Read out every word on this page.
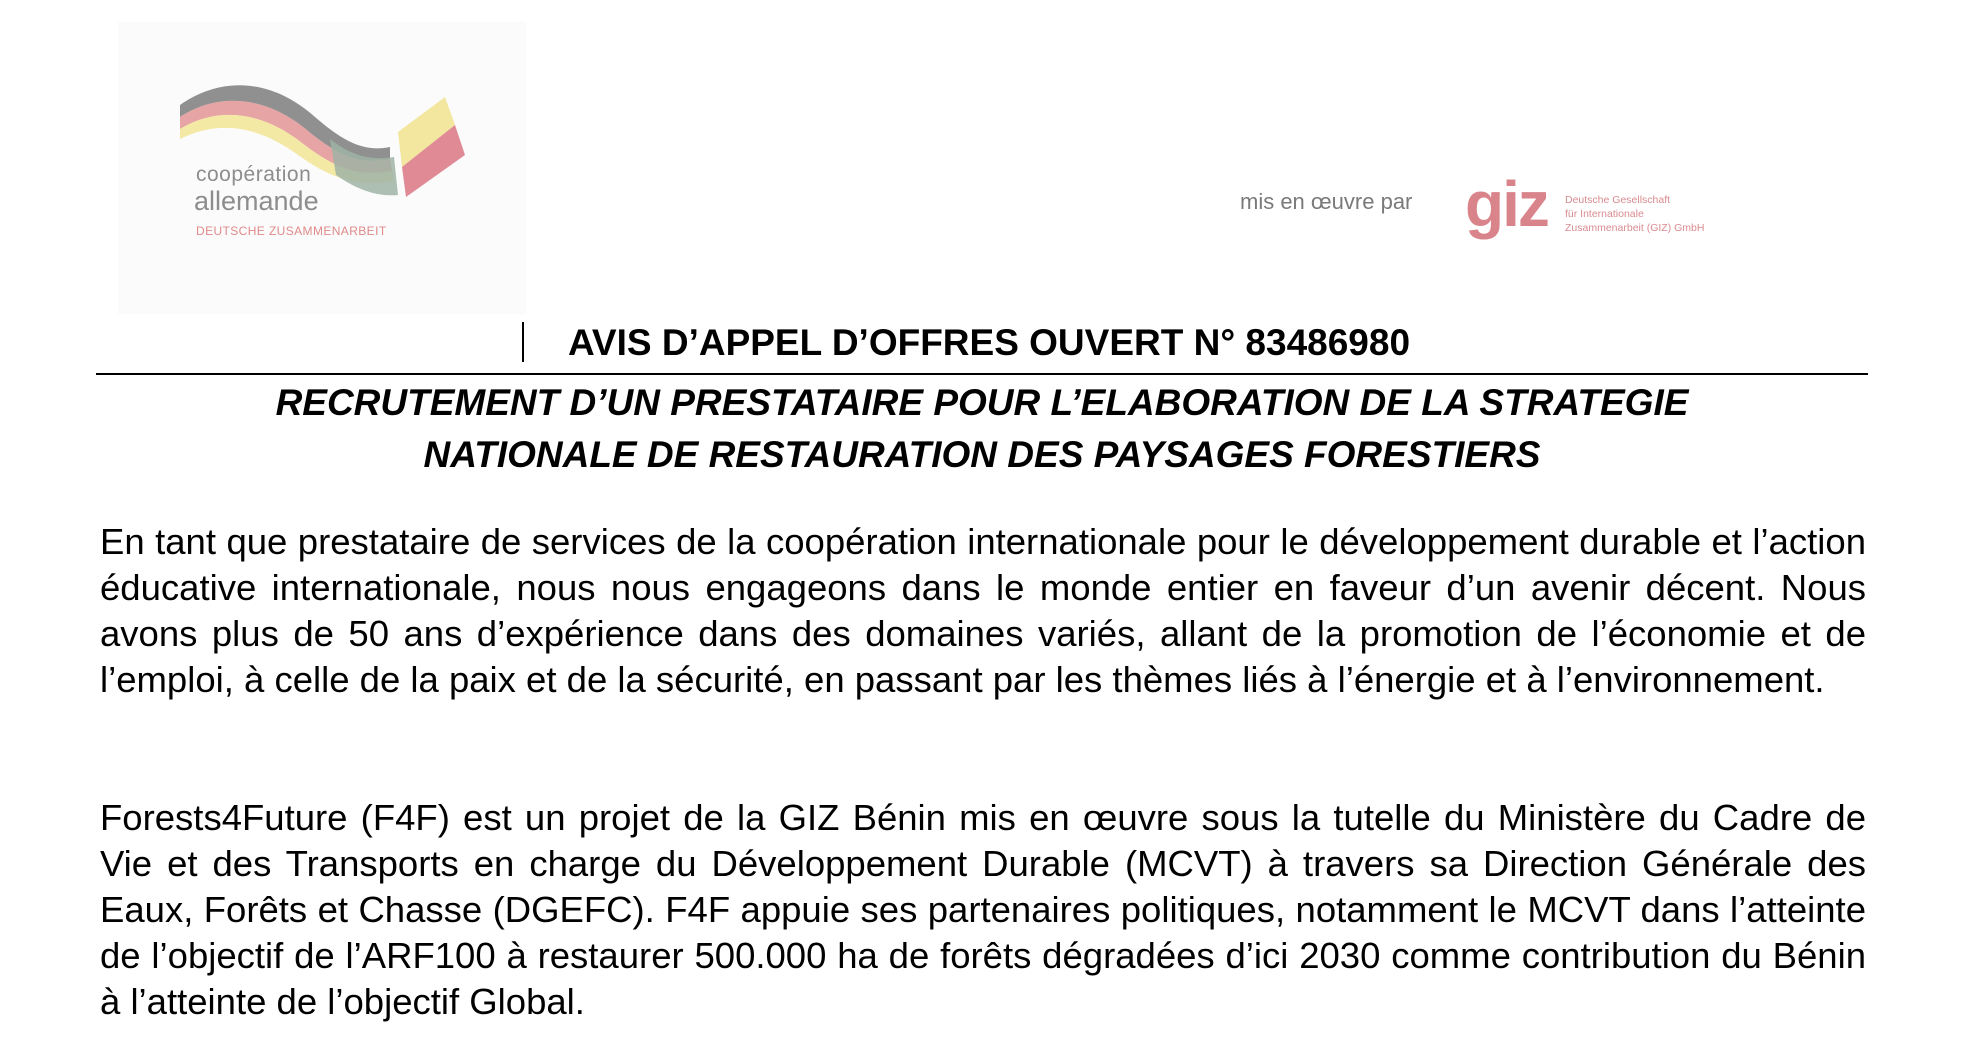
coopération
allemande
DEUTSCHE ZUSAMMENARBEIT
mis en œuvre par giz Deutsche Gesellschaft
für Internationale
Zusammenarbeit (GIZ) GmbH
AVIS D’APPEL D’OFFRES OUVERT N° 83486980
RECRUTEMENT D’UN PRESTATAIRE POUR L’ELABORATION DE LA STRATEGIE
NATIONALE DE RESTAURATION DES PAYSAGES FORESTIERS
En tant que prestataire de services de la coopération internationale pour le développement durable et l’action éducative internationale, nous nous engageons dans le monde entier en faveur d’un avenir décent. Nous avons plus de 50 ans d’expérience dans des domaines variés, allant de la promotion de l’économie et de l’emploi, à celle de la paix et de la sécurité, en passant par les thèmes liés à l’énergie et à l’environnement.
Forests4Future (F4F) est un projet de la GIZ Bénin mis en œuvre sous la tutelle du Ministère du Cadre de Vie et des Transports en charge du Développement Durable (MCVT) à travers sa Direction Générale des Eaux, Forêts et Chasse (DGEFC). F4F appuie ses partenaires politiques, notamment le MCVT dans l’atteinte de l’objectif de l’ARF100 à restaurer 500.000 ha de forêts dégradées d’ici 2030 comme contribution du Bénin à l’atteinte de l’objectif Global.
